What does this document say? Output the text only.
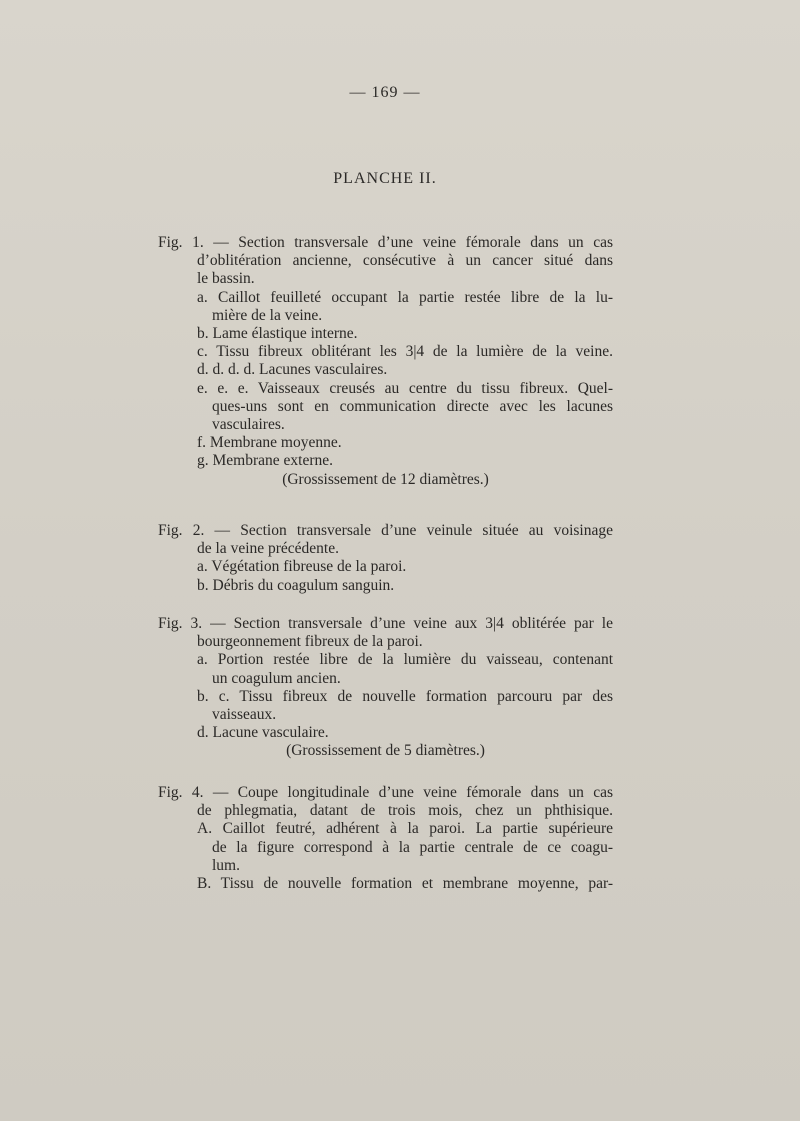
— 169 —
PLANCHE II.
Fig. 1. — Section transversale d’une veine fémorale dans un cas
d’oblitération ancienne, consécutive à un cancer situé dans
le bassin.
a. Caillot feuilleté occupant la partie restée libre de la lu-
mière de la veine.
b. Lame élastique interne.
c. Tissu fibreux oblitérant les 3|4 de la lumière de la veine.
d. d. d. d. Lacunes vasculaires.
e. e. e. Vaisseaux creusés au centre du tissu fibreux. Quel-
ques-uns sont en communication directe avec les lacunes
vasculaires.
f. Membrane moyenne.
g. Membrane externe.
(Grossissement de 12 diamètres.)
Fig. 2. — Section transversale d’une veinule située au voisinage
de la veine précédente.
a. Végétation fibreuse de la paroi.
b. Débris du coagulum sanguin.
Fig. 3. — Section transversale d’une veine aux 3|4 oblitérée par le
bourgeonnement fibreux de la paroi.
a. Portion restée libre de la lumière du vaisseau, contenant
un coagulum ancien.
b. c. Tissu fibreux de nouvelle formation parcouru par des
vaisseaux.
d. Lacune vasculaire.
(Grossissement de 5 diamètres.)
Fig. 4. — Coupe longitudinale d’une veine fémorale dans un cas
de phlegmatia, datant de trois mois, chez un phthisique.
A. Caillot feutré, adhérent à la paroi. La partie supérieure
de la figure correspond à la partie centrale de ce coagu-
lum.
B. Tissu de nouvelle formation et membrane moyenne, par-
